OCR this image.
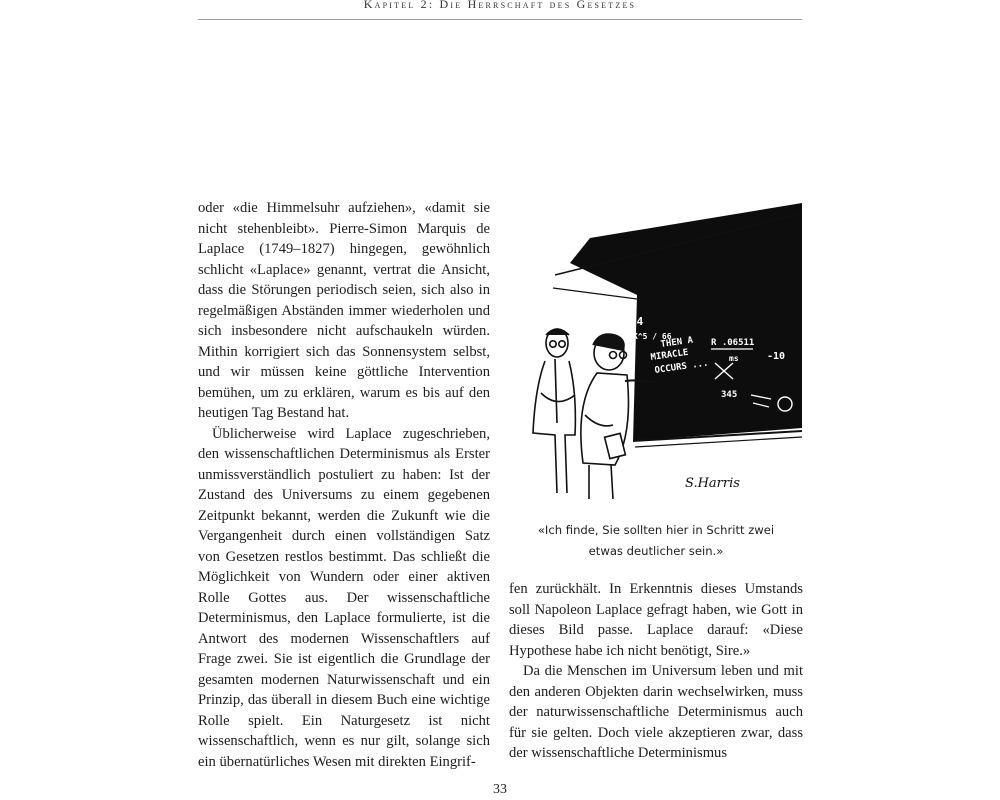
Kapitel 2: Die Herrschaft des Gesetzes

oder «die Himmelsuhr aufziehen», «damit sie nicht stehenbleibt». Pierre-Simon Marquis de Laplace (1749–1827) hingegen, gewöhnlich schlicht «Laplace» genannt, vertrat die Ansicht, dass die Störungen periodisch seien, sich also in regelmäßigen Abständen immer wiederholen und sich insbesondere nicht aufschaukeln würden. Mithin korrigiert sich das Sonnensystem selbst, und wir müssen keine göttliche Intervention bemühen, um zu erklären, warum es bis auf den heutigen Tag Bestand hat.

Üblicherweise wird Laplace zugeschrieben, den wissenschaftlichen Determinismus als Erster unmissverständlich postuliert zu haben: Ist der Zustand des Universums zu einem gegebenen Zeitpunkt bekannt, werden die Zukunft wie die Vergangenheit durch einen vollständigen Satz von Gesetzen restlos bestimmt. Das schließt die Möglichkeit von Wundern oder einer aktiven Rolle Gottes aus. Der wissenschaftliche Determinismus, den Laplace formulierte, ist die Antwort des modernen Wissenschaftlers auf Frage zwei. Sie ist eigentlich die Grundlage der gesamten modernen Naturwissenschaft und ein Prinzip, das überall in diesem Buch eine wichtige Rolle spielt. Ein Naturgesetz ist nicht wissenschaftlich, wenn es nur gilt, solange sich ein übernatürliches Wesen mit direkten Eingrif-

2r3 = 6.24
K^5 / 66
THEN A
MIRACLE
OCCURS ...
R .06511
ms	-10
345
S.Harris
«Ich finde, Sie sollten hier in Schritt zwei
etwas deutlicher sein.»

fen zurückhält. In Erkenntnis dieses Umstands soll Napoleon Laplace gefragt haben, wie Gott in dieses Bild passe. Laplace darauf: «Diese Hypothese habe ich nicht benötigt, Sire.»

Da die Menschen im Universum leben und mit den anderen Objekten darin wechselwirken, muss der naturwissenschaftliche Determinismus auch für sie gelten. Doch viele akzeptieren zwar, dass der wissenschaftliche Determinismus

33
